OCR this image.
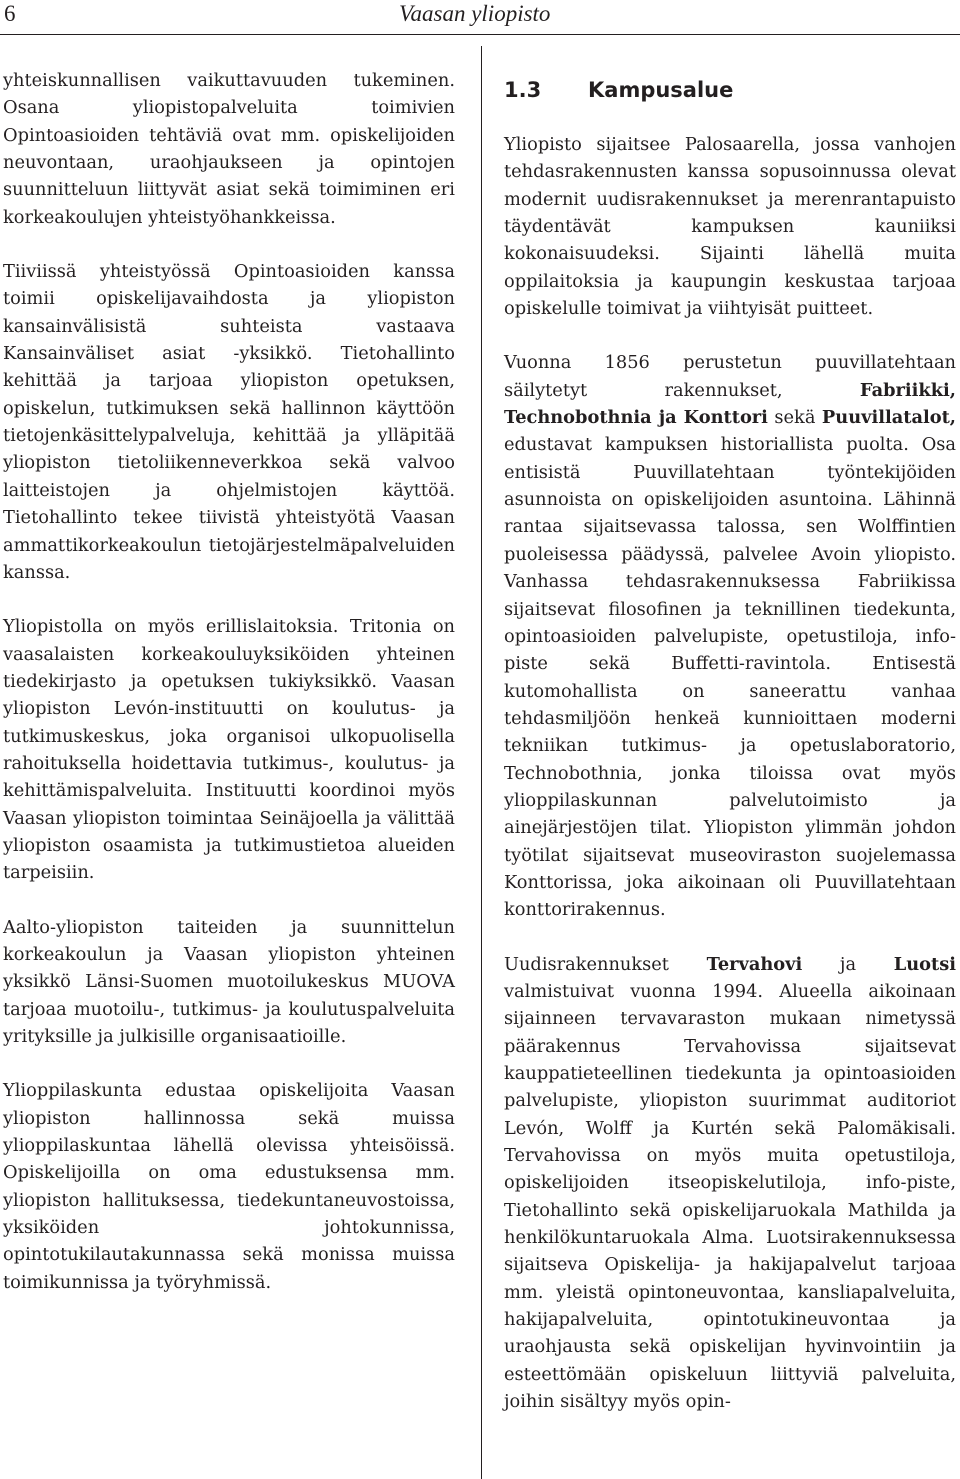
6	Vaasan yliopisto

yhteiskunnallisen vaikuttavuuden tukeminen. Osana yliopistopalveluita toimivien Opintoasioiden tehtäviä ovat mm. opiskelijoiden neuvontaan, uraohjaukseen ja opintojen suunnitteluun liittyvät asiat sekä toimiminen eri korkeakoulujen yhteistyöhankkeissa.

Tiiviissä yhteistyössä Opintoasioiden kanssa toimii opiskelijavaihdosta ja yliopiston kansainvälisistä suhteista vastaava Kansainväliset asiat -yksikkö. Tietohallinto kehittää ja tarjoaa yliopiston opetuksen, opiskelun, tutkimuksen sekä hallinnon käyttöön tietojenkäsittelypalveluja, kehittää ja ylläpitää yliopiston tietoliikenneverkkoa sekä valvoo laitteistojen ja ohjelmistojen käyttöä. Tietohallinto tekee tiivistä yhteistyötä Vaasan ammattikorkeakoulun tietojärjestelmäpalveluiden kanssa.

Yliopistolla on myös erillislaitoksia. Tritonia on vaasalaisten korkeakouluyksiköiden yhteinen tiedekirjasto ja opetuksen tukiyksikkö. Vaasan yliopiston Levón-instituutti on koulutus- ja tutkimuskeskus, joka organisoi ulkopuolisella rahoituksella hoidettavia tutkimus-, koulutus- ja kehittämispalveluita. Instituutti koordinoi myös Vaasan yliopiston toimintaa Seinäjoella ja välittää yliopiston osaamista ja tutkimustietoa alueiden tarpeisiin.

Aalto-yliopiston taiteiden ja suunnittelun korkeakoulun ja Vaasan yliopiston yhteinen yksikkö Länsi-Suomen muotoilukeskus MUOVA tarjoaa muotoilu-, tutkimus- ja koulutuspalveluita yrityksille ja julkisille organisaatioille.

Ylioppilaskunta edustaa opiskelijoita Vaasan yliopiston hallinnossa sekä muissa ylioppilaskuntaa lähellä olevissa yhteisöissä. Opiskelijoilla on oma edustuksensa mm. yliopiston hallituksessa, tiedekuntaneuvostoissa, yksiköiden johtokunnissa, opintotukilautakunnassa sekä monissa muissa toimikunnissa ja työryhmissä.

1.3 Kampusalue

Yliopisto sijaitsee Palosaarella, jossa vanhojen tehdasrakennusten kanssa sopusoinnussa olevat modernit uudisrakennukset ja merenrantapuisto täydentävät kampuksen kauniiksi kokonaisuudeksi. Sijainti lähellä muita oppilaitoksia ja kaupungin keskustaa tarjoaa opiskelulle toimivat ja viihtyisät puitteet.

Vuonna 1856 perustetun puuvillatehtaan säilytetyt rakennukset, Fabriikki, Technobothnia ja Konttori sekä Puuvillatalot, edustavat kampuksen historiallista puolta. Osa entisistä Puuvillatehtaan työntekijöiden asunnoista on opiskelijoiden asuntoina. Lähinnä rantaa sijaitsevassa talossa, sen Wolffintien puoleisessa päädyssä, palvelee Avoin yliopisto. Vanhassa tehdasrakennuksessa Fabriikissa sijaitsevat filosofinen ja teknillinen tiedekunta, opintoasioiden palvelupiste, opetustiloja, info-piste sekä Buffetti-ravintola. Entisestä kutomohallista on saneerattu vanhaa tehdasmiljöön henkeä kunnioittaen moderni tekniikan tutkimus- ja opetuslaboratorio, Technobothnia, jonka tiloissa ovat myös ylioppilaskunnan palvelutoimisto ja ainejärjestöjen tilat. Yliopiston ylimmän johdon työtilat sijaitsevat museoviraston suojelemassa Konttorissa, joka aikoinaan oli Puuvillatehtaan konttorirakennus.

Uudisrakennukset Tervahovi ja Luotsi valmistuivat vuonna 1994. Alueella aikoinaan sijainneen tervavaraston mukaan nimetyssä päärakennus Tervahovissa sijaitsevat kauppatieteellinen tiedekunta ja opintoasioiden palvelupiste, yliopiston suurimmat auditoriot Levón, Wolff ja Kurtén sekä Palomäkisali. Tervahovissa on myös muita opetustiloja, opiskelijoiden itseopiskelutiloja, info-piste, Tietohallinto sekä opiskelijaruokala Mathilda ja henkilökuntaruokala Alma. Luotsirakennuksessa sijaitseva Opiskelija- ja hakijapalvelut tarjoaa mm. yleistä opintoneuvontaa, kansliapalveluita, hakijapalveluita, opintotukineuvontaa ja uraohjausta sekä opiskelijan hyvinvointiin ja esteettömään opiskeluun liittyviä palveluita, joihin sisältyy myös opin-
